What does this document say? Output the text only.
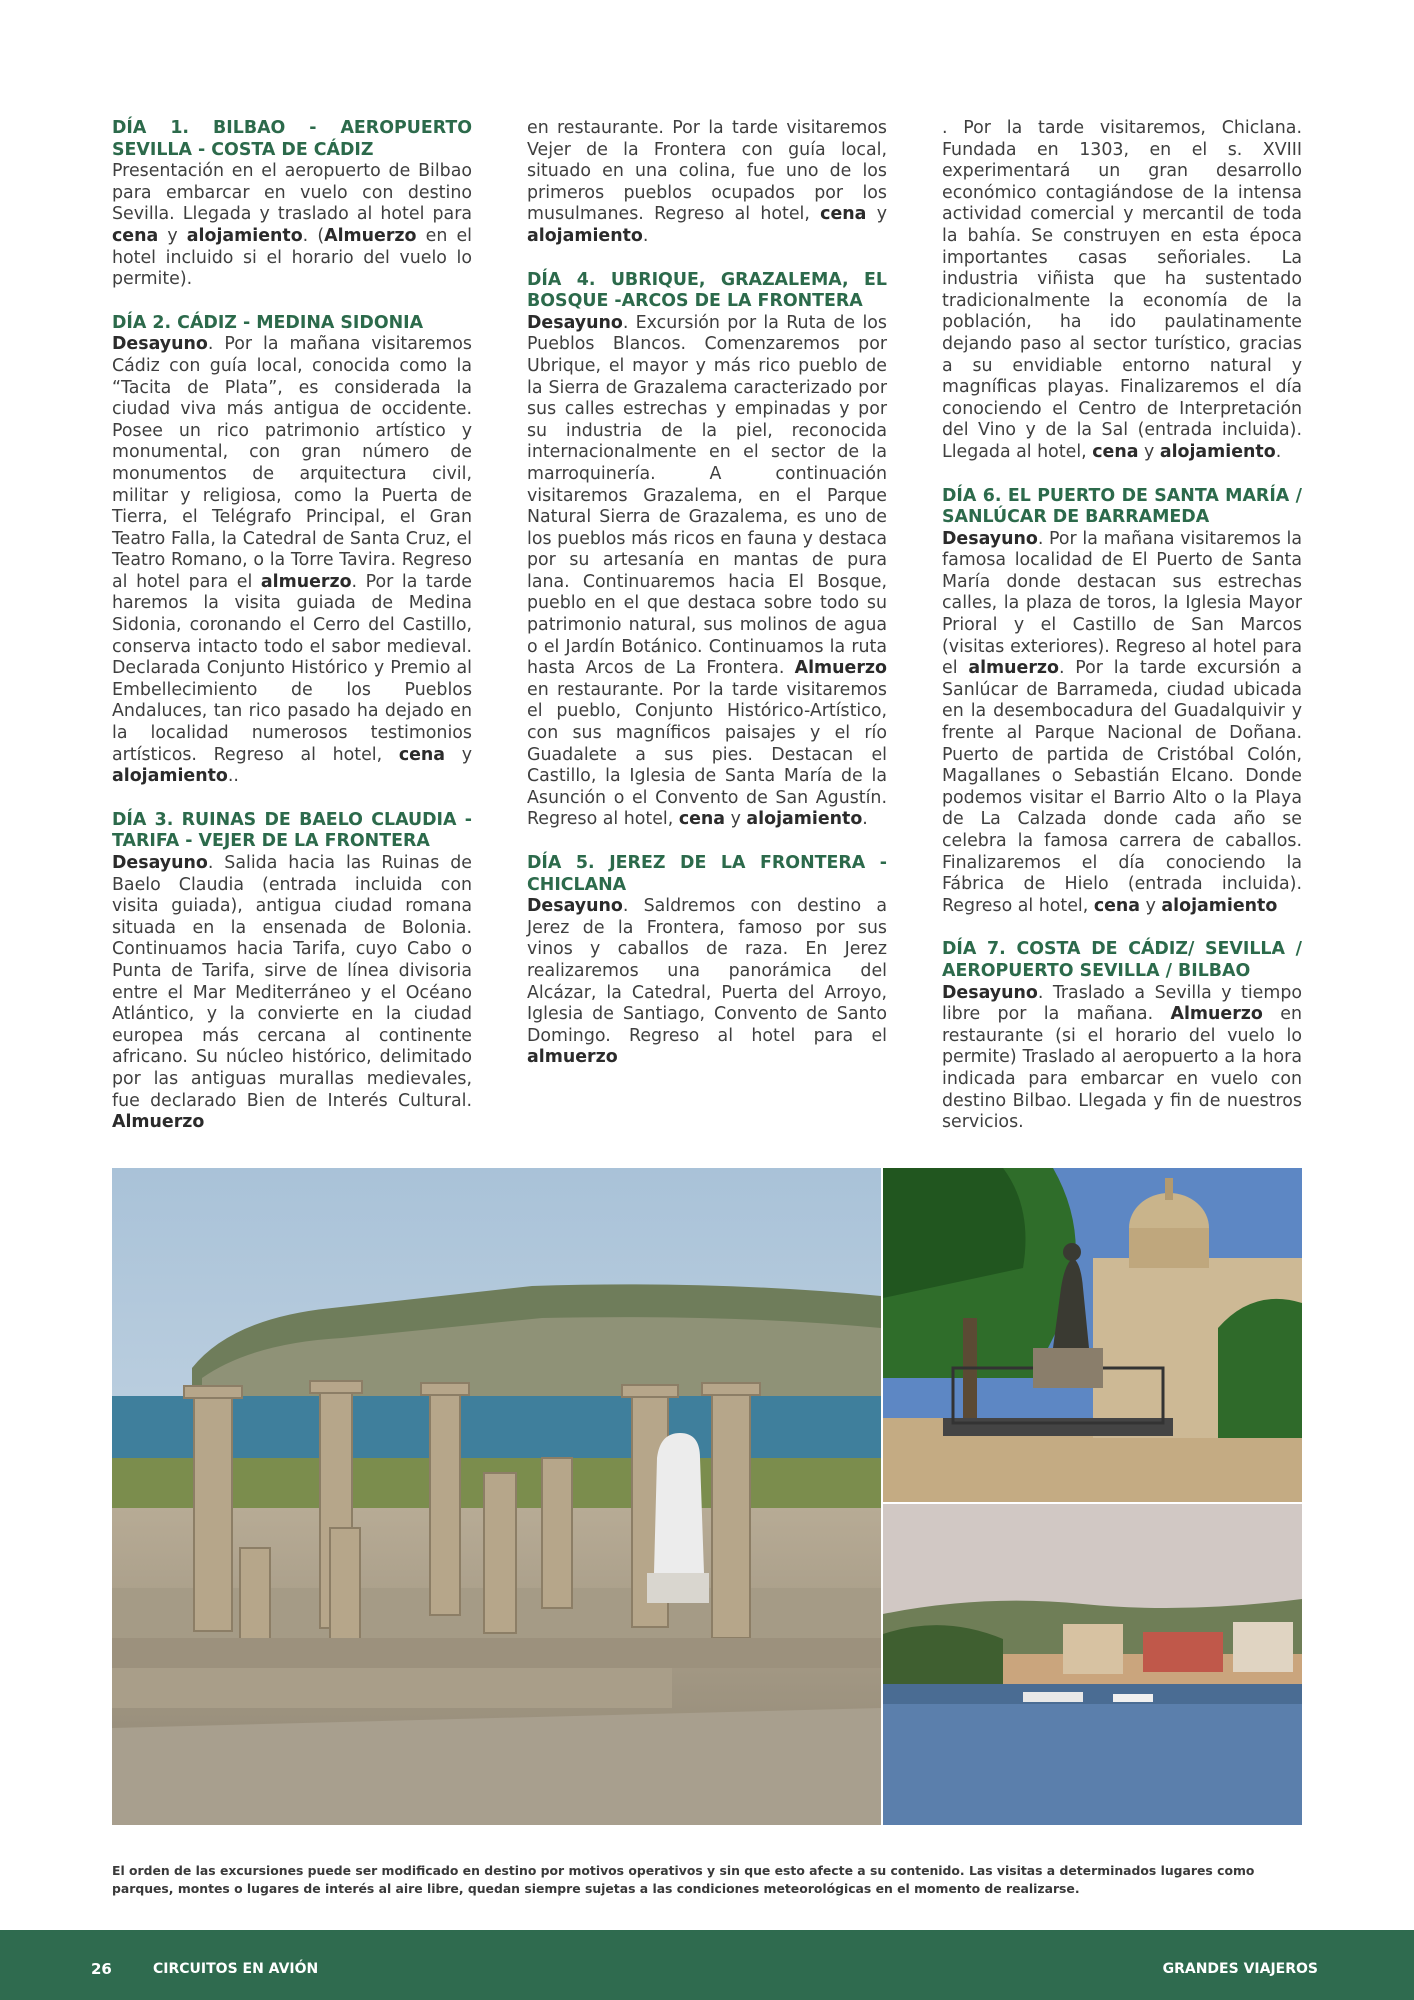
DÍA 1. BILBAO - AEROPUERTO SEVILLA - COSTA DE CÁDIZ
Presentación en el aeropuerto de Bilbao para embarcar en vuelo con destino Sevilla. Llegada y traslado al hotel para cena y alojamiento. (Almuerzo en el hotel incluido si el horario del vuelo lo permite).
DÍA 2. CÁDIZ - MEDINA SIDONIA
Desayuno. Por la mañana visitaremos Cádiz con guía local, conocida como la “Tacita de Plata”, es considerada la ciudad viva más antigua de occidente. Posee un rico patrimonio artístico y monumental, con gran número de monumentos de arquitectura civil, militar y religiosa, como la Puerta de Tierra, el Telégrafo Principal, el Gran Teatro Falla, la Catedral de Santa Cruz, el Teatro Romano, o la Torre Tavira. Regreso al hotel para el almuerzo. Por la tarde haremos la visita guiada de Medina Sidonia, coronando el Cerro del Castillo, conserva intacto todo el sabor medieval. Declarada Conjunto Histórico y Premio al Embellecimiento de los Pueblos Andaluces, tan rico pasado ha dejado en la localidad numerosos testimonios artísticos. Regreso al hotel, cena y alojamiento..
DÍA 3. RUINAS DE BAELO CLAUDIA - TARIFA - VEJER DE LA FRONTERA
Desayuno. Salida hacia las Ruinas de Baelo Claudia (entrada incluida con visita guiada), antigua ciudad romana situada en la ensenada de Bolonia. Continuamos hacia Tarifa, cuyo Cabo o Punta de Tarifa, sirve de línea divisoria entre el Mar Mediterráneo y el Océano Atlántico, y la convierte en la ciudad europea más cercana al continente africano. Su núcleo histórico, delimitado por las antiguas murallas medievales, fue declarado Bien de Interés Cultural. Almuerzo
en restaurante. Por la tarde visitaremos Vejer de la Frontera con guía local, situado en una colina, fue uno de los primeros pueblos ocupados por los musulmanes. Regreso al hotel, cena y alojamiento.
DÍA 4. UBRIQUE, GRAZALEMA, EL BOSQUE -ARCOS DE LA FRONTERA
Desayuno. Excursión por la Ruta de los Pueblos Blancos. Comenzaremos por Ubrique, el mayor y más rico pueblo de la Sierra de Grazalema caracterizado por sus calles estrechas y empinadas y por su industria de la piel, reconocida internacionalmente en el sector de la marroquinería. A continuación visitaremos Grazalema, en el Parque Natural Sierra de Grazalema, es uno de los pueblos más ricos en fauna y destaca por su artesanía en mantas de pura lana. Continuaremos hacia El Bosque, pueblo en el que destaca sobre todo su patrimonio natural, sus molinos de agua o el Jardín Botánico. Continuamos la ruta hasta Arcos de La Frontera. Almuerzo en restaurante. Por la tarde visitaremos el pueblo, Conjunto Histórico-Artístico, con sus magníficos paisajes y el río Guadalete a sus pies. Destacan el Castillo, la Iglesia de Santa María de la Asunción o el Convento de San Agustín. Regreso al hotel, cena y alojamiento.
DÍA 5. JEREZ DE LA FRONTERA - CHICLANA
Desayuno. Saldremos con destino a Jerez de la Frontera, famoso por sus vinos y caballos de raza. En Jerez realizaremos una panorámica del Alcázar, la Catedral, Puerta del Arroyo, Iglesia de Santiago, Convento de Santo Domingo. Regreso al hotel para el almuerzo
. Por la tarde visitaremos, Chiclana. Fundada en 1303, en el s. XVIII experimentará un gran desarrollo económico contagiándose de la intensa actividad comercial y mercantil de toda la bahía. Se construyen en esta época importantes casas señoriales. La industria viñista que ha sustentado tradicionalmente la economía de la población, ha ido paulatinamente dejando paso al sector turístico, gracias a su envidiable entorno natural y magníficas playas. Finalizaremos el día conociendo el Centro de Interpretación del Vino y de la Sal (entrada incluida). Llegada al hotel, cena y alojamiento.
DÍA 6. EL PUERTO DE SANTA MARÍA / SANLÚCAR DE BARRAMEDA
Desayuno. Por la mañana visitaremos la famosa localidad de El Puerto de Santa María donde destacan sus estrechas calles, la plaza de toros, la Iglesia Mayor Prioral y el Castillo de San Marcos (visitas exteriores). Regreso al hotel para el almuerzo. Por la tarde excursión a Sanlúcar de Barrameda, ciudad ubicada en la desembocadura del Guadalquivir y frente al Parque Nacional de Doñana. Puerto de partida de Cristóbal Colón, Magallanes o Sebastián Elcano. Donde podemos visitar el Barrio Alto o la Playa de La Calzada donde cada año se celebra la famosa carrera de caballos. Finalizaremos el día conociendo la Fábrica de Hielo (entrada incluida). Regreso al hotel, cena y alojamiento
DÍA 7. COSTA DE CÁDIZ/ SEVILLA / AEROPUERTO SEVILLA / BILBAO
Desayuno. Traslado a Sevilla y tiempo libre por la mañana. Almuerzo en restaurante (si el horario del vuelo lo permite) Traslado al aeropuerto a la hora indicada para embarcar en vuelo con destino Bilbao. Llegada y fin de nuestros servicios.
El orden de las excursiones puede ser modificado en destino por motivos operativos y sin que esto afecte a su contenido. Las visitas a determinados lugares como parques, montes o lugares de interés al aire libre, quedan siempre sujetas a las condiciones meteorológicas en el momento de realizarse.
26	CIRCUITOS EN AVIÓN	GRANDES VIAJEROS
